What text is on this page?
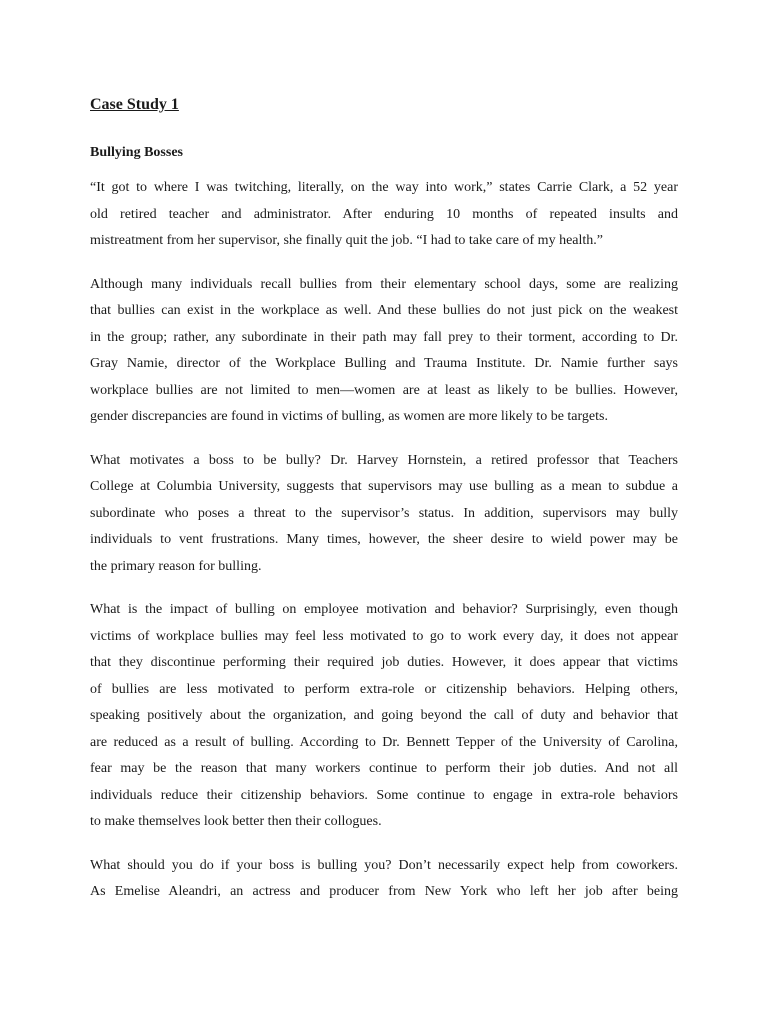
Case Study 1
Bullying Bosses
“It got to where I was twitching, literally, on the way into work,” states Carrie Clark, a 52 year
old retired teacher and administrator. After enduring 10 months of repeated insults and
mistreatment from her supervisor, she finally quit the job. “I had to take care of my health.”
Although many individuals recall bullies from their elementary school days, some are realizing
that bullies can exist in the workplace as well. And these bullies do not just pick on the weakest
in the group; rather, any subordinate in their path may fall prey to their torment, according to Dr.
Gray Namie, director of the Workplace Bulling and Trauma Institute. Dr. Namie further says
workplace bullies are not limited to men—women are at least as likely to be bullies. However,
gender discrepancies are found in victims of bulling, as women are more likely to be targets.
What motivates a boss to be bully? Dr. Harvey Hornstein, a retired professor that Teachers
College at Columbia University, suggests that supervisors may use bulling as a mean to subdue a
subordinate who poses a threat to the supervisor’s status. In addition, supervisors may bully
individuals to vent frustrations. Many times, however, the sheer desire to wield power may be
the primary reason for bulling.
What is the impact of bulling on employee motivation and behavior? Surprisingly, even though
victims of workplace bullies may feel less motivated to go to work every day, it does not appear
that they discontinue performing their required job duties. However, it does appear that victims
of bullies are less motivated to perform extra-role or citizenship behaviors. Helping others,
speaking positively about the organization, and going beyond the call of duty and behavior that
are reduced as a result of bulling. According to Dr. Bennett Tepper of the University of Carolina,
fear may be the reason that many workers continue to perform their job duties. And not all
individuals reduce their citizenship behaviors. Some continue to engage in extra-role behaviors
to make themselves look better then their collogues.
What should you do if your boss is bulling you? Don’t necessarily expect help from coworkers.
As Emelise Aleandri, an actress and producer from New York who left her job after being
